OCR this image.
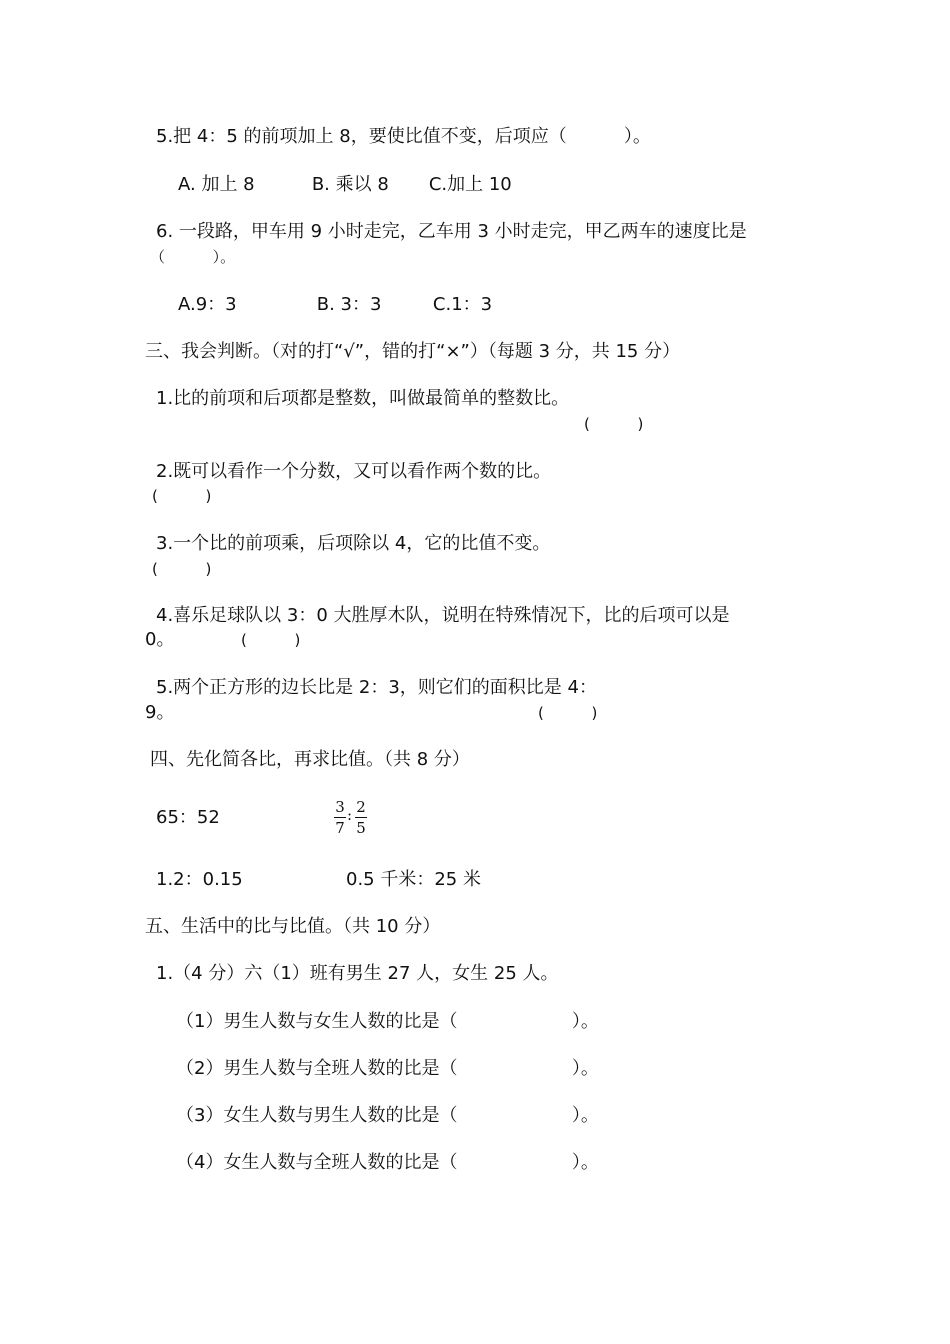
5.把 4：5 的前项加上 8，要使比值不变，后项应（          ）。
A. 加上 8          B. 乘以 8       C.加上 10
6. 一段路，甲车用 9 小时走完，乙车用 3 小时走完，甲乙两车的速度比是
（          ）。
A.9：3              B. 3：3         C.1：3
三、我会判断。（对的打“√”，错的打“×”）（每题 3 分，共 15 分）
1.比的前项和后项都是整数，叫做最简单的整数比。
(          )
2.既可以看作一个分数，又可以看作两个数的比。
(          )
3.一个比的前项乘，后项除以 4，它的比值不变。
(          )
4.喜乐足球队以 3：0 大胜厚木队，说明在特殊情况下，比的后项可以是
0。	(          )
5.两个正方形的边长比是 2：3，则它们的面积比是 4：
9。	(          )
四、先化简各比，再求比值。（共 8 分）
65：52	3
7
: 2
5
1.2：0.15	0.5 千米：25 米
五、生活中的比与比值。（共 10 分）
1.（4 分）六（1）班有男生 27 人，女生 25 人。
（1）男生人数与女生人数的比是（                    ）。
（2）男生人数与全班人数的比是（                    ）。
（3）女生人数与男生人数的比是（                    ）。
（4）女生人数与全班人数的比是（                    ）。
